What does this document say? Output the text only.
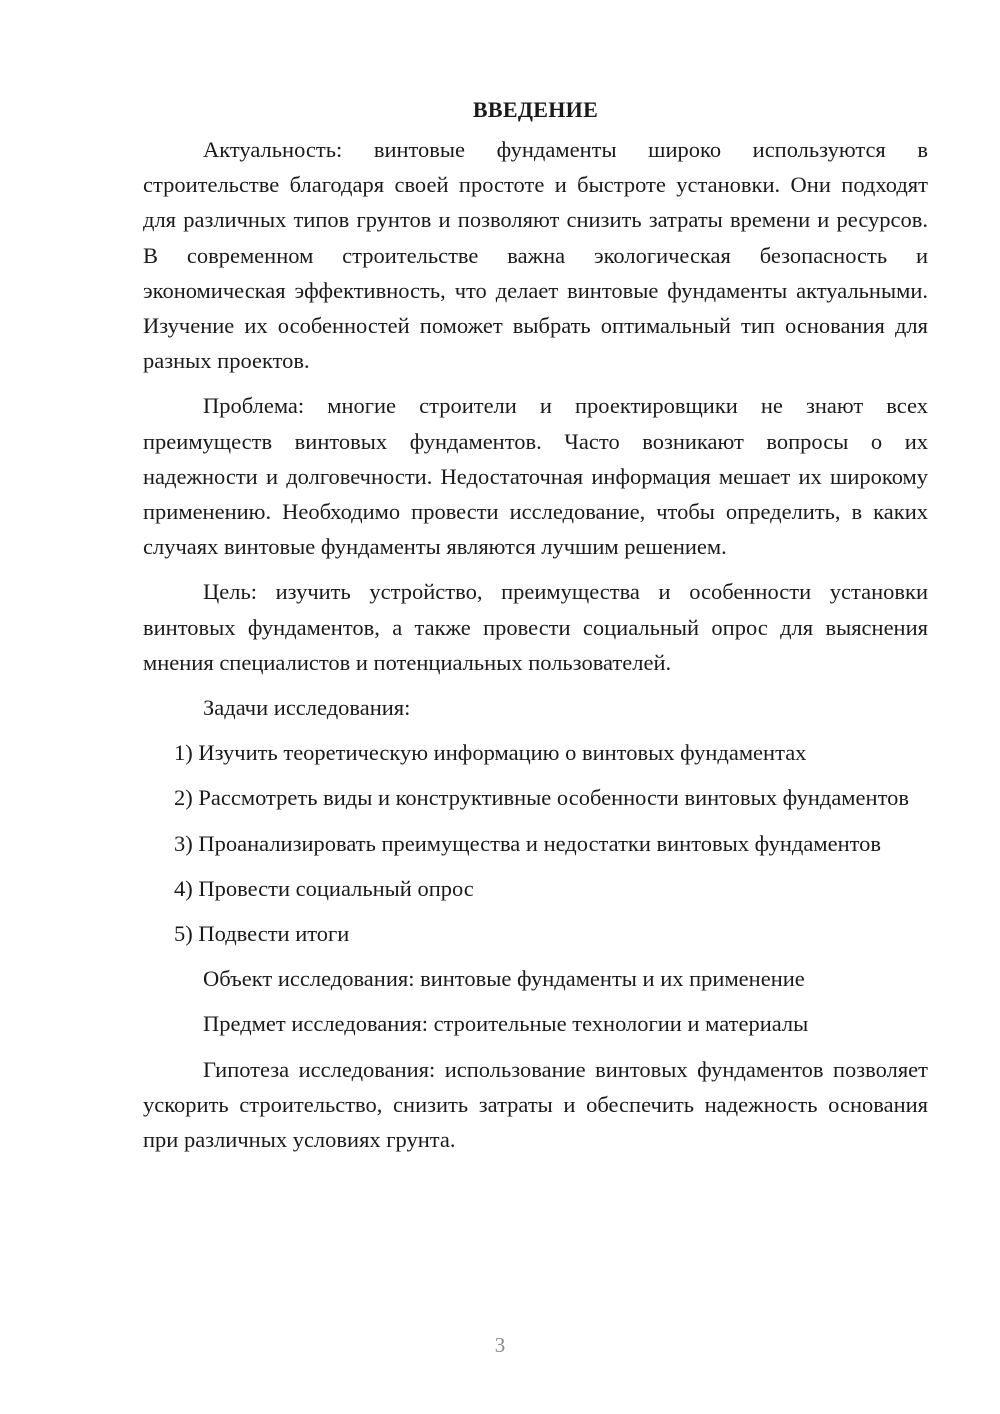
ВВЕДЕНИЕ

Актуальность: винтовые фундаменты широко используются в строительстве благодаря своей простоте и быстроте установки. Они подходят для различных типов грунтов и позволяют снизить затраты времени и ресурсов. В современном строительстве важна экологическая безопасность и экономическая эффективность, что делает винтовые фундаменты актуальными. Изучение их особенностей поможет выбрать оптимальный тип основания для разных проектов.

Проблема: многие строители и проектировщики не знают всех преимуществ винтовых фундаментов. Часто возникают вопросы о их надежности и долговечности. Недостаточная информация мешает их широкому применению. Необходимо провести исследование, чтобы определить, в каких случаях винтовые фундаменты являются лучшим решением.

Цель: изучить устройство, преимущества и особенности установки винтовых фундаментов, а также провести социальный опрос для выяснения мнения специалистов и потенциальных пользователей.

Задачи исследования:

1) Изучить теоретическую информацию о винтовых фундаментах

2) Рассмотреть виды и конструктивные особенности винтовых фундаментов

3) Проанализировать преимущества и недостатки винтовых фундаментов

4) Провести социальный опрос

5) Подвести итоги

Объект исследования: винтовые фундаменты и их применение

Предмет исследования: строительные технологии и материалы

Гипотеза исследования: использование винтовых фундаментов позволяет ускорить строительство, снизить затраты и обеспечить надежность основания при различных условиях грунта.

3
